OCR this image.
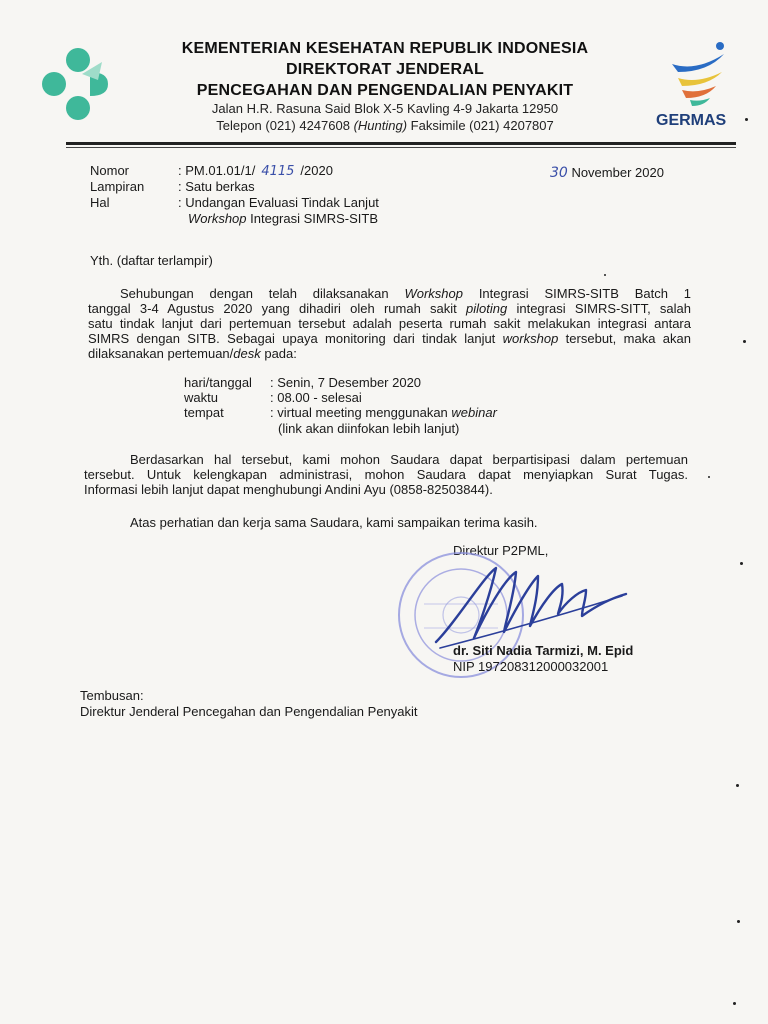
KEMENTERIAN KESEHATAN REPUBLIK INDONESIA
DIREKTORAT JENDERAL
PENCEGAHAN DAN PENGENDALIAN PENYAKIT
Jalan H.R. Rasuna Said Blok X-5 Kavling 4-9 Jakarta 12950
Telepon (021) 4247608 (Hunting) Faksimile (021) 4207807	GERMAS
Nomor	: PM.01.01/1/ 4115 /2020	30 November 2020
Lampiran	: Satu berkas
Hal	: Undangan Evaluasi Tindak Lanjut
Workshop Integrasi SIMRS-SITB
Yth. (daftar terlampir)
Sehubungan dengan telah dilaksanakan Workshop Integrasi SIMRS-SITB Batch 1
tanggal 3-4 Agustus 2020 yang dihadiri oleh rumah sakit piloting integrasi SIMRS-SITT, salah
satu tindak lanjut dari pertemuan tersebut adalah peserta rumah sakit melakukan integrasi antara
SIMRS dengan SITB. Sebagai upaya monitoring dari tindak lanjut workshop tersebut, maka akan
dilaksanakan pertemuan/desk pada:
hari/tanggal : Senin, 7 Desember 2020
waktu	: 08.00 - selesai
tempat	: virtual meeting menggunakan webinar
(link akan diinfokan lebih lanjut)
Berdasarkan hal tersebut, kami mohon Saudara dapat berpartisipasi dalam pertemuan
tersebut. Untuk kelengkapan administrasi, mohon Saudara dapat menyiapkan Surat Tugas.
Informasi lebih lanjut dapat menghubungi Andini Ayu (0858-82503844).
Atas perhatian dan kerja sama Saudara, kami sampaikan terima kasih.
Direktur P2PML,
dr. Siti Nadia Tarmizi, M. Epid
NIP 197208312000032001
Tembusan:
Direktur Jenderal Pencegahan dan Pengendalian Penyakit
